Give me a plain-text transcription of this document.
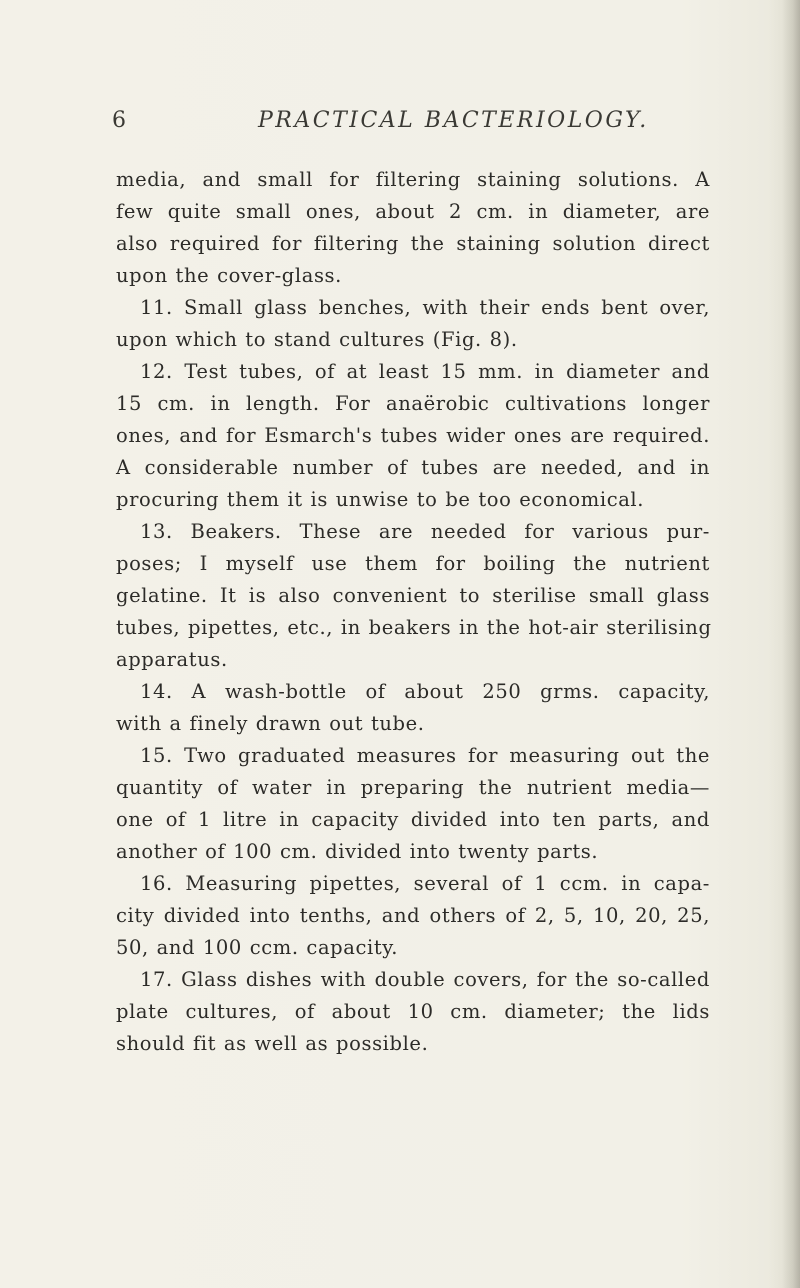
6	PRACTICAL BACTERIOLOGY.
media, and small for filtering staining solutions. A
few quite small ones, about 2 cm. in diameter, are
also required for filtering the staining solution direct
upon the cover-glass.
11. Small glass benches, with their ends bent over,
upon which to stand cultures (Fig. 8).
12. Test tubes, of at least 15 mm. in diameter and
15 cm. in length. For anaërobic cultivations longer
ones, and for Esmarch's tubes wider ones are required.
A considerable number of tubes are needed, and in
procuring them it is unwise to be too economical.
13. Beakers. These are needed for various pur-
poses; I myself use them for boiling the nutrient
gelatine. It is also convenient to sterilise small glass
tubes, pipettes, etc., in beakers in the hot-air sterilising
apparatus.
14. A wash-bottle of about 250 grms. capacity,
with a finely drawn out tube.
15. Two graduated measures for measuring out the
quantity of water in preparing the nutrient media—
one of 1 litre in capacity divided into ten parts, and
another of 100 cm. divided into twenty parts.
16. Measuring pipettes, several of 1 ccm. in capa-
city divided into tenths, and others of 2, 5, 10, 20, 25,
50, and 100 ccm. capacity.
17. Glass dishes with double covers, for the so-called
plate cultures, of about 10 cm. diameter; the lids
should fit as well as possible.
